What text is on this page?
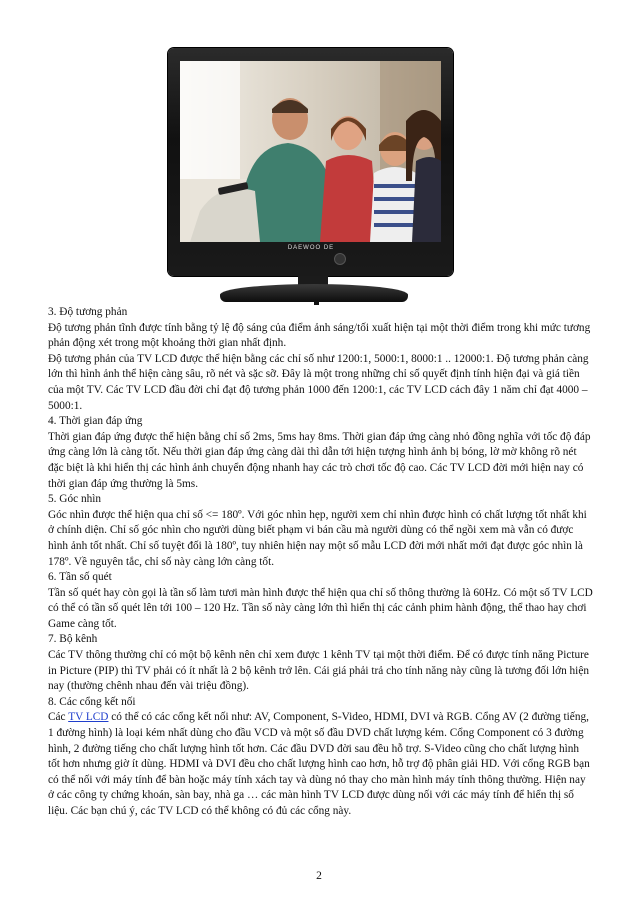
DAEWOO DE

3. Độ tương phản

Độ tương phản tĩnh được tính bằng tỷ lệ độ sáng của điểm ảnh sáng/tối xuất hiện tại một thời điểm trong khi mức tương phản động xét trong một khoảng thời gian nhất định.

Độ tương phản của TV LCD được thể hiện bằng các chỉ số như 1200:1, 5000:1, 8000:1 .. 12000:1. Độ tương phản càng lớn thì hình ảnh thể hiện càng sâu, rõ nét và sặc sỡ. Đây là một trong những chỉ số quyết định tính hiện đại và giá tiền của một TV. Các TV LCD đầu đời chỉ đạt độ tương phản 1000 đến 1200:1, các TV LCD cách đây 1 năm chỉ đạt 4000 – 5000:1.

4. Thời gian đáp ứng

Thời gian đáp ứng được thể hiện bằng chỉ số 2ms, 5ms hay 8ms. Thời gian đáp ứng càng nhỏ đồng nghĩa với tốc độ đáp ứng càng lớn là càng tốt. Nếu thời gian đáp ứng càng dài thì dẫn tới hiện tượng hình ảnh bị bóng, lờ mờ không rõ nét đặc biệt là khi hiển thị các hình ảnh chuyển động nhanh hay các trò chơi tốc độ cao. Các TV LCD đời mới hiện nay có thời gian đáp ứng thường là 5ms.

5. Góc nhìn

Góc nhìn được thể hiện qua chỉ số <= 180º. Với góc nhìn hẹp, người xem chỉ nhìn được hình có chất lượng tốt nhất khi ở chính diện. Chỉ số góc nhìn cho người dùng biết phạm vi bán cầu mà người dùng có thể ngồi xem mà vẫn có được hình ảnh tốt nhất. Chỉ số tuyệt đối là 180º, tuy nhiên hiện nay một số mẫu LCD đời mới nhất mới đạt được góc nhìn là 178º. Về nguyên tắc, chỉ số này càng lớn càng tốt.

6. Tần số quét

Tần số quét hay còn gọi là tần số làm tươi màn hình được thể hiện qua chỉ số thông thường là 60Hz. Có một số TV LCD có thể có tần số quét lên tới 100 – 120 Hz. Tần số này càng lớn thì hiển thị các cảnh phim hành động, thể thao hay chơi Game càng tốt.

7. Bộ kênh

Các TV thông thường chỉ có một bộ kênh nên chỉ xem được 1 kênh TV tại một thời điểm. Để có được tính năng Picture in Picture (PIP) thì TV phải có ít nhất là 2 bộ kênh trở lên. Cái giá phải trả cho tính năng này cũng là tương đối lớn hiện nay (thường chênh nhau đến vài triệu đồng).

8. Các cổng kết nối

Các TV LCD có thể có các cổng kết nối như: AV, Component, S-Video, HDMI, DVI và RGB. Cổng AV (2 đường tiếng, 1 đường hình) là loại kém nhất dùng cho đầu VCD và một số đầu DVD chất lượng kém. Cổng Component có 3 đường hình, 2 đường tiếng cho chất lượng hình tốt hơn. Các đầu DVD đời sau đều hỗ trợ. S-Video cũng cho chất lượng hình tốt hơn nhưng giờ ít dùng. HDMI và DVI đều cho chất lượng hình cao hơn, hỗ trợ độ phân giải HD. Với cổng RGB bạn có thể nối với máy tính để bàn hoặc máy tính xách tay và dùng nó thay cho màn hình máy tính thông thường. Hiện nay ở các công ty chứng khoán, sàn bay, nhà ga … các màn hình TV LCD được dùng nối với các máy tính để hiển thị số liệu. Các bạn chú ý, các TV LCD có thể không có đủ các cổng này.

2
